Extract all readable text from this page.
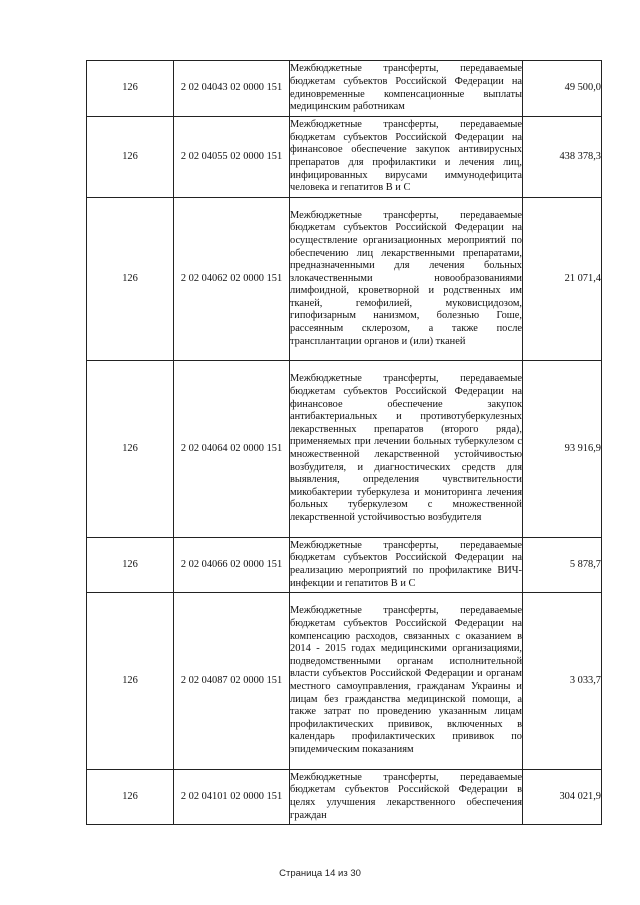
126	2 02 04043 02 0000 151	Межбюджетные трансферты, передаваемые бюджетам субъектов Российской Федерации на единовременные компенсационные выплаты медицинским работникам	49 500,0
126	2 02 04055 02 0000 151	Межбюджетные трансферты, передаваемые бюджетам субъектов Российской Федерации на финансовое обеспечение закупок антивирусных препаратов для профилактики и лечения лиц, инфицированных вирусами иммунодефицита человека и гепатитов В и С	438 378,3
126	2 02 04062 02 0000 151	Межбюджетные трансферты, передаваемые бюджетам субъектов Российской Федерации на осуществление организационных мероприятий по обеспечению лиц лекарственными препаратами, предназначенными для лечения больных злокачественными новообразованиями лимфоидной, кроветворной и родственных им тканей, гемофилией, муковисцидозом, гипофизарным нанизмом, болезнью Гоше, рассеянным склерозом, а также после трансплантации органов и (или) тканей	21 071,4
126	2 02 04064 02 0000 151	Межбюджетные трансферты, передаваемые бюджетам субъектов Российской Федерации на финансовое обеспечение закупок антибактериальных и противотуберкулезных лекарственных препаратов (второго ряда), применяемых при лечении больных туберкулезом с множественной лекарственной устойчивостью возбудителя, и диагностических средств для выявления, определения чувствительности микобактерии туберкулеза и мониторинга лечения больных туберкулезом с множественной лекарственной устойчивостью возбудителя	93 916,9
126	2 02 04066 02 0000 151	Межбюджетные трансферты, передаваемые бюджетам субъектов Российской Федерации на реализацию мероприятий по профилактике ВИЧ-инфекции и гепатитов В и С	5 878,7
126	2 02 04087 02 0000 151	Межбюджетные трансферты, передаваемые бюджетам субъектов Российской Федерации на компенсацию расходов, связанных с оказанием в 2014 - 2015 годах медицинскими организациями, подведомственными органам исполнительной власти субъектов Российской Федерации и органам местного самоуправления, гражданам Украины и лицам без гражданства медицинской помощи, а также затрат по проведению указанным лицам профилактических прививок, включенных в календарь профилактических прививок по эпидемическим показаниям	3 033,7
126	2 02 04101 02 0000 151	Межбюджетные трансферты, передаваемые бюджетам субъектов Российской Федерации в целях улучшения лекарственного обеспечения граждан	304 021,9
Страница 14 из 30
